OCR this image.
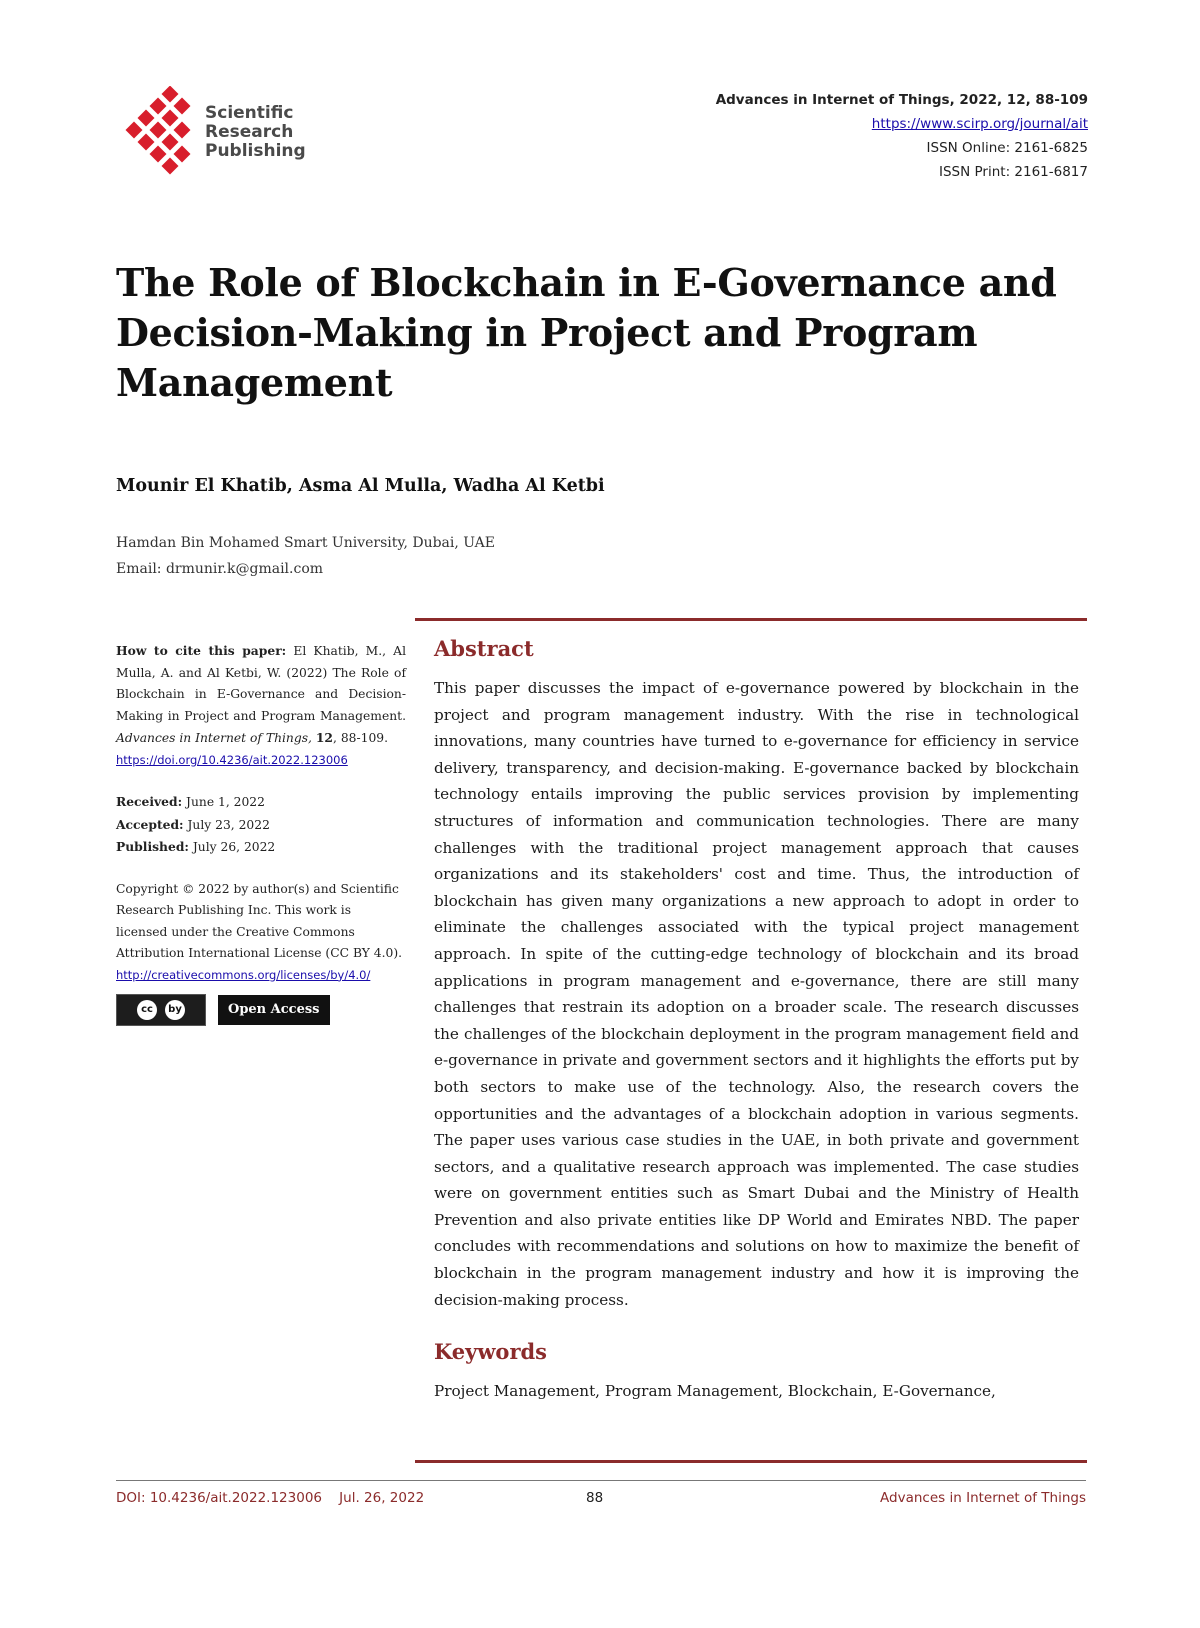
Scientific
Research
Publishing
Advances in Internet of Things, 2022, 12, 88-109
https://www.scirp.org/journal/ait
ISSN Online: 2161-6825
ISSN Print: 2161-6817
The Role of Blockchain in E-Governance and Decision-Making in Project and Program Management
Mounir El Khatib, Asma Al Mulla, Wadha Al Ketbi
Hamdan Bin Mohamed Smart University, Dubai, UAE
Email: drmunir.k@gmail.com
How to cite this paper: El Khatib, M., Al Mulla, A. and Al Ketbi, W. (2022) The Role of Blockchain in E-Governance and Decision-Making in Project and Program Management. Advances in Internet of Things, 12, 88-109.
https://doi.org/10.4236/ait.2022.123006
Received: June 1, 2022
Accepted: July 23, 2022
Published: July 26, 2022
Copyright © 2022 by author(s) and Scientific Research Publishing Inc. This work is licensed under the Creative Commons Attribution International License (CC BY 4.0).
http://creativecommons.org/licenses/by/4.0/
cc	by	Open Access
Abstract

This paper discusses the impact of e-governance powered by blockchain in the project and program management industry. With the rise in technological innovations, many countries have turned to e-governance for efficiency in service delivery, transparency, and decision-making. E-governance backed by blockchain technology entails improving the public services provision by implementing structures of information and communication technologies. There are many challenges with the traditional project management approach that causes organizations and its stakeholders' cost and time. Thus, the introduction of blockchain has given many organizations a new approach to adopt in order to eliminate the challenges associated with the typical project management approach. In spite of the cutting-edge technology of blockchain and its broad applications in program management and e-governance, there are still many challenges that restrain its adoption on a broader scale. The research discusses the challenges of the blockchain deployment in the program management field and e-governance in private and government sectors and it highlights the efforts put by both sectors to make use of the technology. Also, the research covers the opportunities and the advantages of a blockchain adoption in various segments. The paper uses various case studies in the UAE, in both private and government sectors, and a qualitative research approach was implemented. The case studies were on government entities such as Smart Dubai and the Ministry of Health Prevention and also private entities like DP World and Emirates NBD. The paper concludes with recommendations and solutions on how to maximize the benefit of blockchain in the program management industry and how it is improving the decision-making process.

Keywords

Project Management, Program Management, Blockchain, E-Governance,

DOI: 10.4236/ait.2022.123006    Jul. 26, 2022	88	Advances in Internet of Things
